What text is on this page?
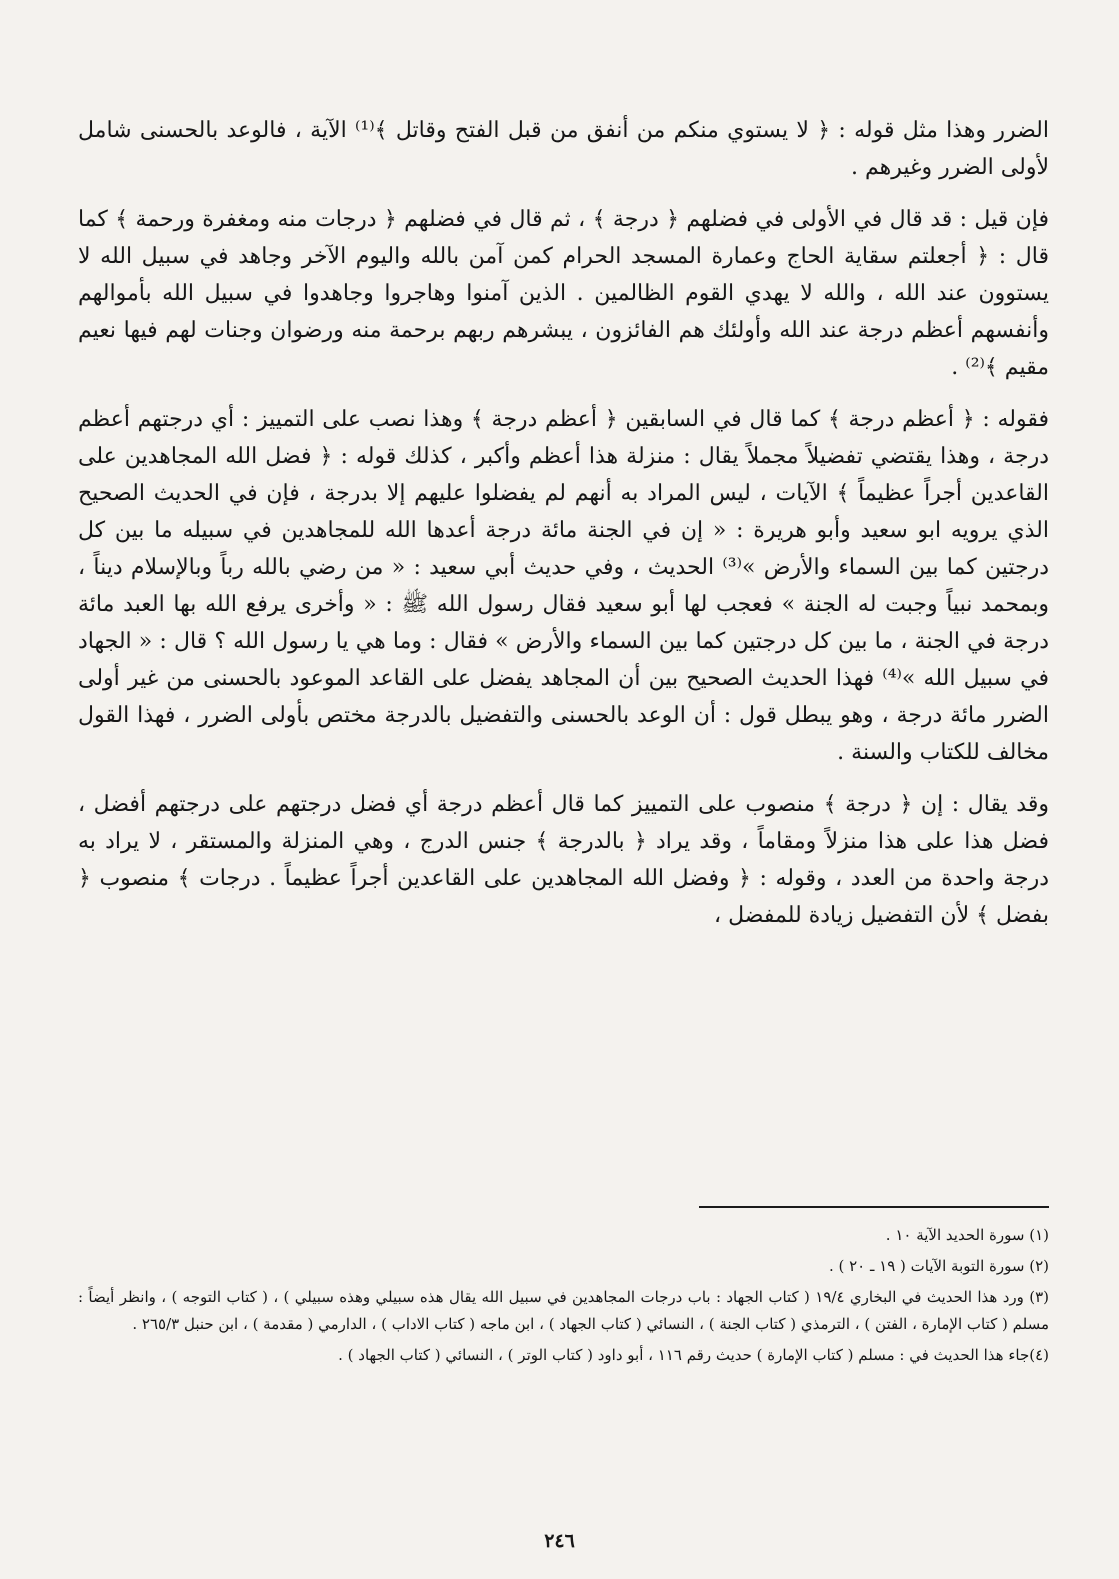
الضرر وهذا مثل قوله : ﴿ لا يستوي منكم من أنفق من قبل الفتح وقاتل ﴾⁽¹⁾ الآية ، فالوعد بالحسنى شامل لأولى الضرر وغيرهم .

فإن قيل : قد قال في الأولى في فضلهم ﴿ درجة ﴾ ، ثم قال في فضلهم ﴿ درجات منه ومغفرة ورحمة ﴾ كما قال : ﴿ أجعلتم سقاية الحاج وعمارة المسجد الحرام كمن آمن بالله واليوم الآخر وجاهد في سبيل الله لا يستوون عند الله ، والله لا يهدي القوم الظالمين . الذين آمنوا وهاجروا وجاهدوا في سبيل الله بأموالهم وأنفسهم أعظم درجة عند الله وأولئك هم الفائزون ، يبشرهم ربهم برحمة منه ورضوان وجنات لهم فيها نعيم مقيم ﴾⁽²⁾ .

فقوله : ﴿ أعظم درجة ﴾ كما قال في السابقين ﴿ أعظم درجة ﴾ وهذا نصب على التمييز : أي درجتهم أعظم درجة ، وهذا يقتضي تفضيلاً مجملاً يقال : منزلة هذا أعظم وأكبر ، كذلك قوله : ﴿ فضل الله المجاهدين على القاعدين أجراً عظيماً ﴾ الآيات ، ليس المراد به أنهم لم يفضلوا عليهم إلا بدرجة ، فإن في الحديث الصحيح الذي يرويه ابو سعيد وأبو هريرة : « إن في الجنة مائة درجة أعدها الله للمجاهدين في سبيله ما بين كل درجتين كما بين السماء والأرض »⁽³⁾ الحديث ، وفي حديث أبي سعيد : « من رضي بالله رباً وبالإسلام ديناً ، وبمحمد نبياً وجبت له الجنة » فعجب لها أبو سعيد فقال رسول الله ﷺ : « وأخرى يرفع الله بها العبد مائة درجة في الجنة ، ما بين كل درجتين كما بين السماء والأرض » فقال : وما هي يا رسول الله ؟ قال : « الجهاد في سبيل الله »⁽⁴⁾ فهذا الحديث الصحيح بين أن المجاهد يفضل على القاعد الموعود بالحسنى من غير أولى الضرر مائة درجة ، وهو يبطل قول : أن الوعد بالحسنى والتفضيل بالدرجة مختص بأولى الضرر ، فهذا القول مخالف للكتاب والسنة .

وقد يقال : إن ﴿ درجة ﴾ منصوب على التمييز كما قال أعظم درجة أي فضل درجتهم على درجتهم أفضل ، فضل هذا على هذا منزلاً ومقاماً ، وقد يراد ﴿ بالدرجة ﴾ جنس الدرج ، وهي المنزلة والمستقر ، لا يراد به درجة واحدة من العدد ، وقوله : ﴿ وفضل الله المجاهدين على القاعدين أجراً عظيماً . درجات ﴾ منصوب ﴿ بفضل ﴾ لأن التفضيل زيادة للمفضل ،

(١) سورة الحديد الآية ١٠ .

(٢) سورة التوبة الآيات ( ١٩ ـ ٢٠ ) .

(٣) ورد هذا الحديث في البخاري ١٩/٤ ( كتاب الجهاد : باب درجات المجاهدين في سبيل الله يقال هذه سبيلي وهذه سبيلي ) ، ( كتاب التوجه ) ، وانظر أيضاً : مسلم ( كتاب الإمارة ، الفتن ) ، الترمذي ( كتاب الجنة ) ، النسائي ( كتاب الجهاد ) ، ابن ماجه ( كتاب الاداب ) ، الدارمي ( مقدمة ) ، ابن حنبل ٢٦٥/٣ .

(٤)جاء هذا الحديث في : مسلم ( كتاب الإمارة ) حديث رقم ١١٦ ، أبو داود ( كتاب الوتر ) ، النسائي ( كتاب الجهاد ) .

٢٤٦
